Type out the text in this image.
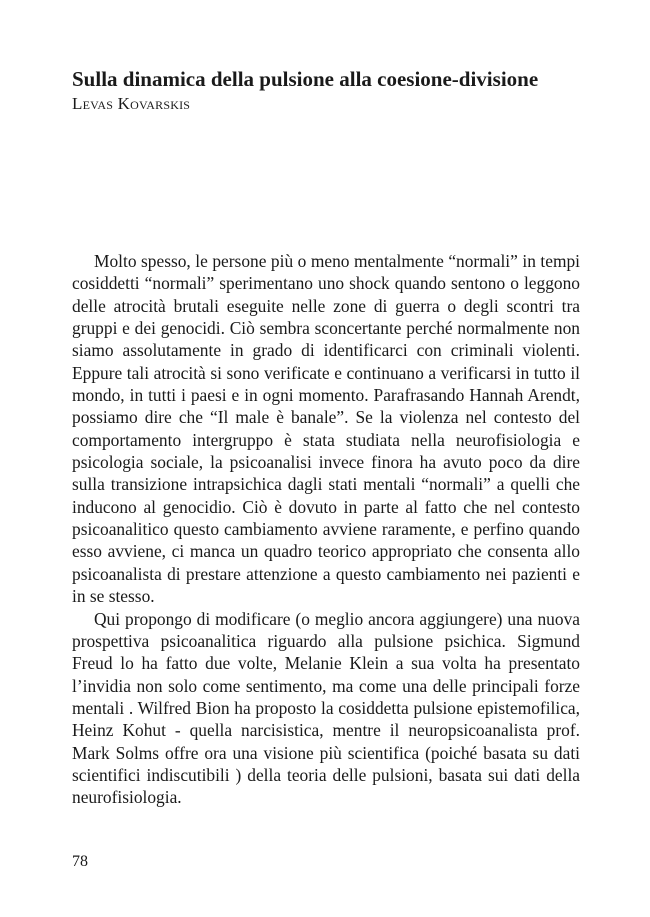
Sulla dinamica della pulsione alla coesione-divisione

Levas Kovarskis

Molto spesso, le persone più o meno mentalmente “normali” in tempi cosiddetti “normali” sperimentano uno shock quando sentono o leggono delle atrocità brutali eseguite nelle zone di guerra o degli scontri tra gruppi e dei genocidi. Ciò sembra sconcertante perché normalmente non siamo assolutamente in grado di identificarci con criminali violenti. Eppure tali atrocità si sono verificate e continuano a verificarsi in tutto il mondo, in tutti i paesi e in ogni momento. Parafrasando Hannah Arendt, possiamo dire che “Il male è banale”. Se la violenza nel contesto del comportamento intergruppo è stata studiata nella neurofisiologia e psicologia sociale, la psicoanalisi invece finora ha avuto poco da dire sulla transizione intrapsichica dagli stati mentali “normali” a quelli che inducono al genocidio. Ciò è dovuto in parte al fatto che nel contesto psicoanalitico questo cambiamento avviene raramente, e perfino quando esso avviene, ci manca un quadro teorico appropriato che consenta allo psicoanalista di prestare attenzione a questo cambiamento nei pazienti e in se stesso.

Qui propongo di modificare (o meglio ancora aggiungere) una nuova prospettiva psicoanalitica riguardo alla pulsione psichica. Sigmund Freud lo ha fatto due volte, Melanie Klein a sua volta ha presentato l’invidia non solo come sentimento, ma come una delle principali forze mentali . Wilfred Bion ha proposto la cosiddetta pulsione epistemofilica, Heinz Kohut - quella narcisistica, mentre il neuropsicoanalista prof. Mark Solms offre ora una visione più scientifica (poiché basata su dati scientifici indiscutibili ) della teoria delle pulsioni, basata sui dati della neurofisiologia.

78
